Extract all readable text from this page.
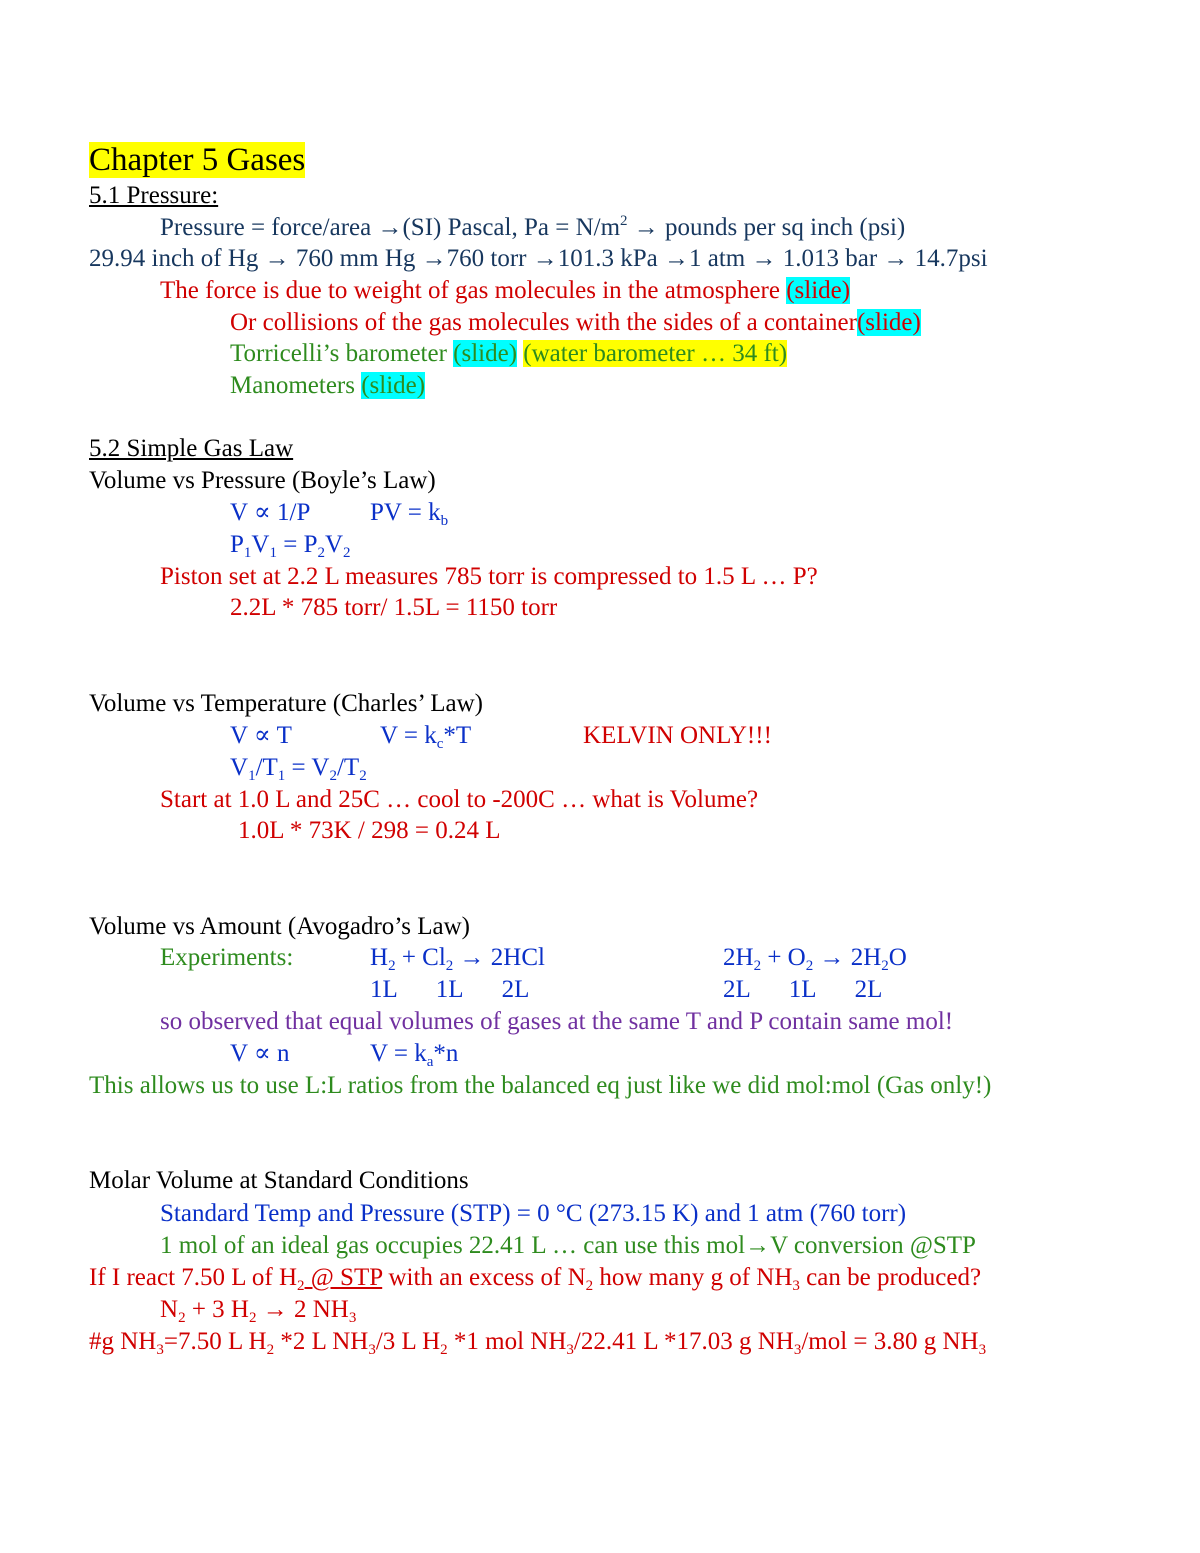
Chapter 5 Gases
5.1 Pressure:
Pressure = force/area →(SI) Pascal, $Pa = N/m^2$ → pounds per sq inch (psi)
29.94 inch of Hg → 760 mm Hg →760 torr →101.3 kPa →1 atm → 1.013 bar → 14.7psi
The force is due to weight of gas molecules in the atmosphere (slide)
Or collisions of the gas molecules with the sides of a container(slide)
Torricelli’s barometer (slide) (water barometer … 34 ft)
Manometers (slide)
5.2 Simple Gas Law
Volume vs Pressure (Boyle’s Law)
V ∝ 1/P PV = $k_b$
$P_1V_1 = P_2V_2$
Piston set at 2.2 L measures 785 torr is compressed to 1.5 L … P?
2.2L * 785 torr/ 1.5L = 1150 torr
Volume vs Temperature (Charles’ Law)
V ∝ T	$V = k_c*T$	KELVIN ONLY!!!
$V_1/T_1 = V_2/T_2$
Start at 1.0 L and 25C … cool to -200C … what is Volume?
1.0L * 73K / 298 = 0.24 L
Volume vs Amount (Avogadro’s Law)
Experiments:	$H_2 + Cl_2 \to 2HCl$	$2H_2 + O_2 \to 2H_2O$
1L 1L 2L	2L 1L 2L
so observed that equal volumes of gases at the same T and P contain same mol!
V ∝ n	$V = k_a*n$
This allows us to use L:L ratios from the balanced eq just like we did mol:mol (Gas only!)
Molar Volume at Standard Conditions
Standard Temp and Pressure (STP) = 0 °C (273.15 K) and 1 atm (760 torr)
1 mol of an ideal gas occupies 22.41 L … can use this mol→V conversion @STP
If I react 7.50 L of $H_2$ @ STP with an excess of $N_2$ how many g of $NH_3$ can be produced?
$N_2 + 3$ $H_2 \to 2$ $NH_3$
#g $NH_3=7.50$ L $H_2$ *2 L $NH_3/3$ L $H_2$ *1 mol $NH_3/22.41$ L *17.03 g $NH_3$/mol = 3.80 g $NH_3$
